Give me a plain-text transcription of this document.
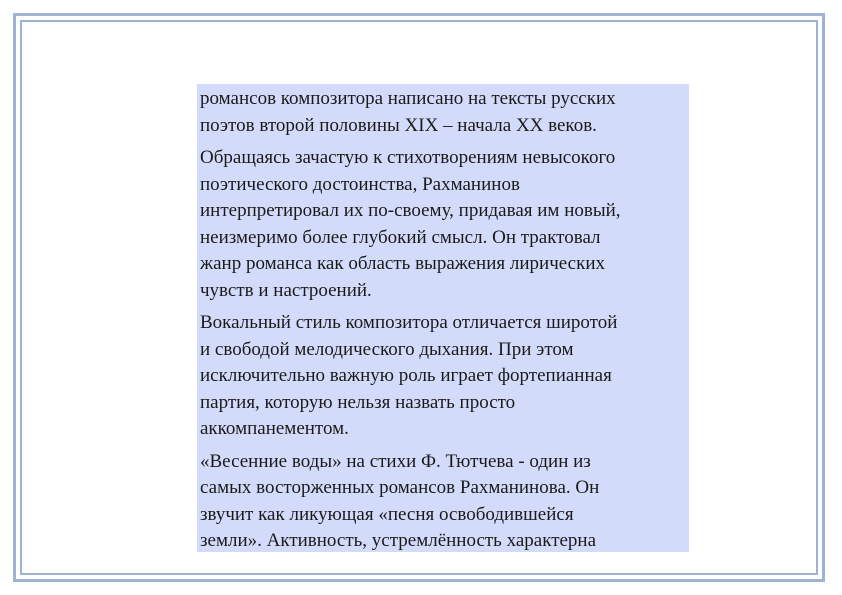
романсов композитора написано на тексты русских
поэтов второй половины XIX – начала XX веков.

Обращаясь зачастую к стихотворениям невысокого
поэтического достоинства, Рахманинов
интерпретировал их по-своему, придавая им новый,
неизмеримо более глубокий смысл. Он трактовал
жанр романса как область выражения лирических
чувств и настроений.

Вокальный стиль композитора отличается широтой
и свободой мелодического дыхания. При этом
исключительно важную роль играет фортепианная
партия, которую нельзя назвать просто
аккомпанементом.

«Весенние воды» на стихи Ф. Тютчева - один из
самых восторженных романсов Рахманинова. Он
звучит как ликующая «песня освободившейся
земли». Активность, устремлённость характерна
